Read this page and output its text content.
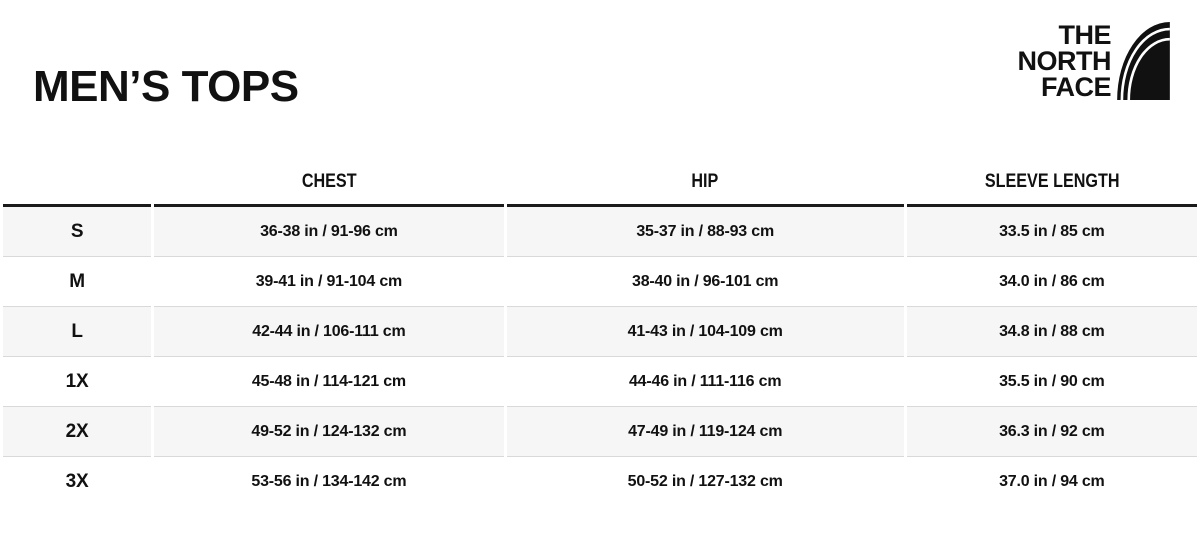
MEN’S TOPS
THE
NORTH
FACE
	CHEST	HIP	SLEEVE LENGTH
S	36-38 in / 91-96 cm	35-37 in / 88-93 cm	33.5 in / 85 cm
M	39-41 in / 91-104 cm	38-40 in / 96-101 cm	34.0 in / 86 cm
L	42-44 in / 106-111 cm	41-43 in / 104-109 cm	34.8 in / 88 cm
1X	45-48 in / 114-121 cm	44-46 in / 111-116 cm	35.5 in / 90 cm
2X	49-52 in / 124-132 cm	47-49 in / 119-124 cm	36.3 in / 92 cm
3X	53-56 in / 134-142 cm	50-52 in / 127-132 cm	37.0 in / 94 cm
